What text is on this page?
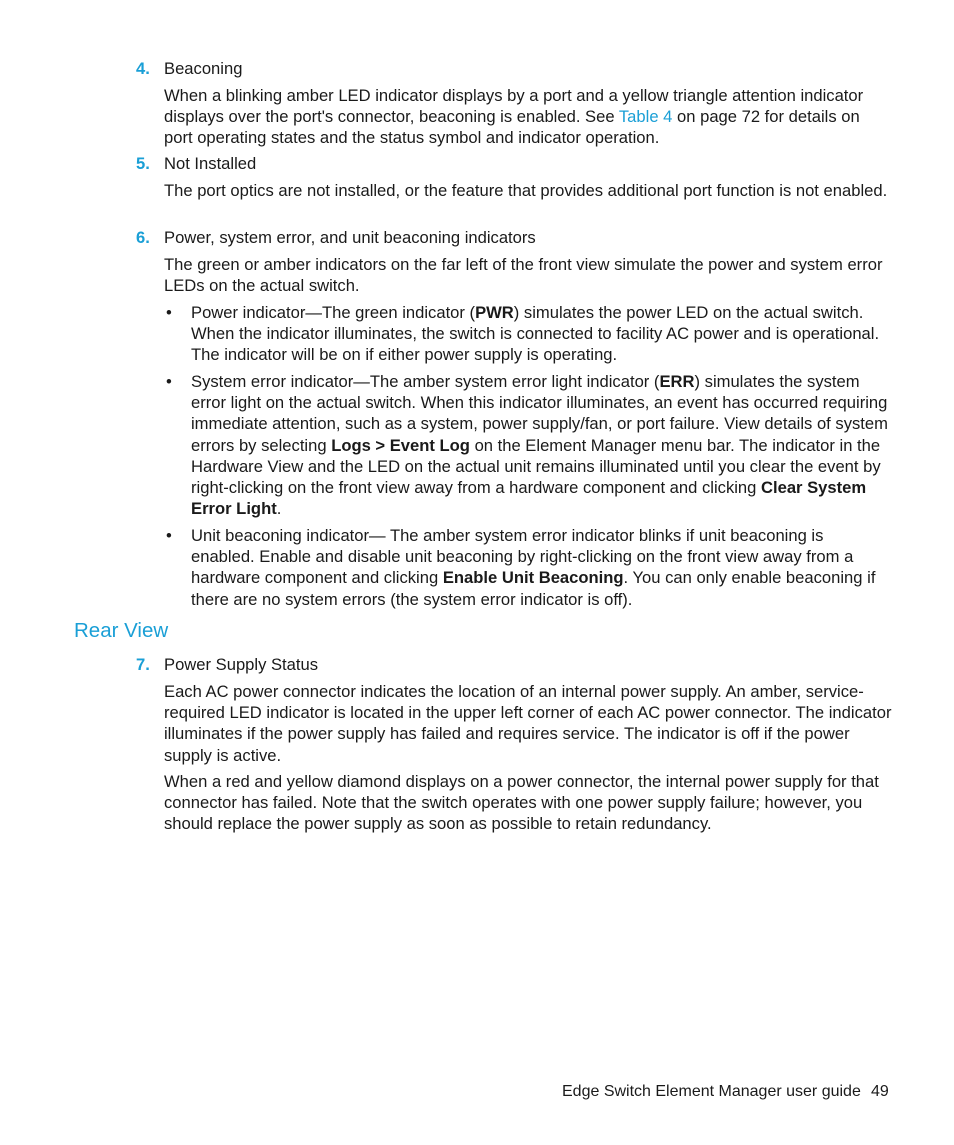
4. Beaconing

When a blinking amber LED indicator displays by a port and a yellow triangle attention indicator displays over the port's connector, beaconing is enabled. See Table 4 on page 72 for details on port operating states and the status symbol and indicator operation.

5. Not Installed

The port optics are not installed, or the feature that provides additional port function is not enabled.

6. Power, system error, and unit beaconing indicators

The green or amber indicators on the far left of the front view simulate the power and system error LEDs on the actual switch.

• Power indicator—The green indicator (PWR) simulates the power LED on the actual switch. When the indicator illuminates, the switch is connected to facility AC power and is operational. The indicator will be on if either power supply is operating.

• System error indicator—The amber system error light indicator (ERR) simulates the system error light on the actual switch. When this indicator illuminates, an event has occurred requiring immediate attention, such as a system, power supply/fan, or port failure. View details of system errors by selecting Logs > Event Log on the Element Manager menu bar. The indicator in the Hardware View and the LED on the actual unit remains illuminated until you clear the event by right-clicking on the front view away from a hardware component and clicking Clear System Error Light.

• Unit beaconing indicator— The amber system error indicator blinks if unit beaconing is enabled. Enable and disable unit beaconing by right-clicking on the front view away from a hardware component and clicking Enable Unit Beaconing. You can only enable beaconing if there are no system errors (the system error indicator is off).

Rear View
7. Power Supply Status

Each AC power connector indicates the location of an internal power supply. An amber, service-required LED indicator is located in the upper left corner of each AC power connector. The indicator illuminates if the power supply has failed and requires service. The indicator is off if the power supply is active.

When a red and yellow diamond displays on a power connector, the internal power supply for that connector has failed. Note that the switch operates with one power supply failure; however, you should replace the power supply as soon as possible to retain redundancy.

Edge Switch Element Manager user guide 49
